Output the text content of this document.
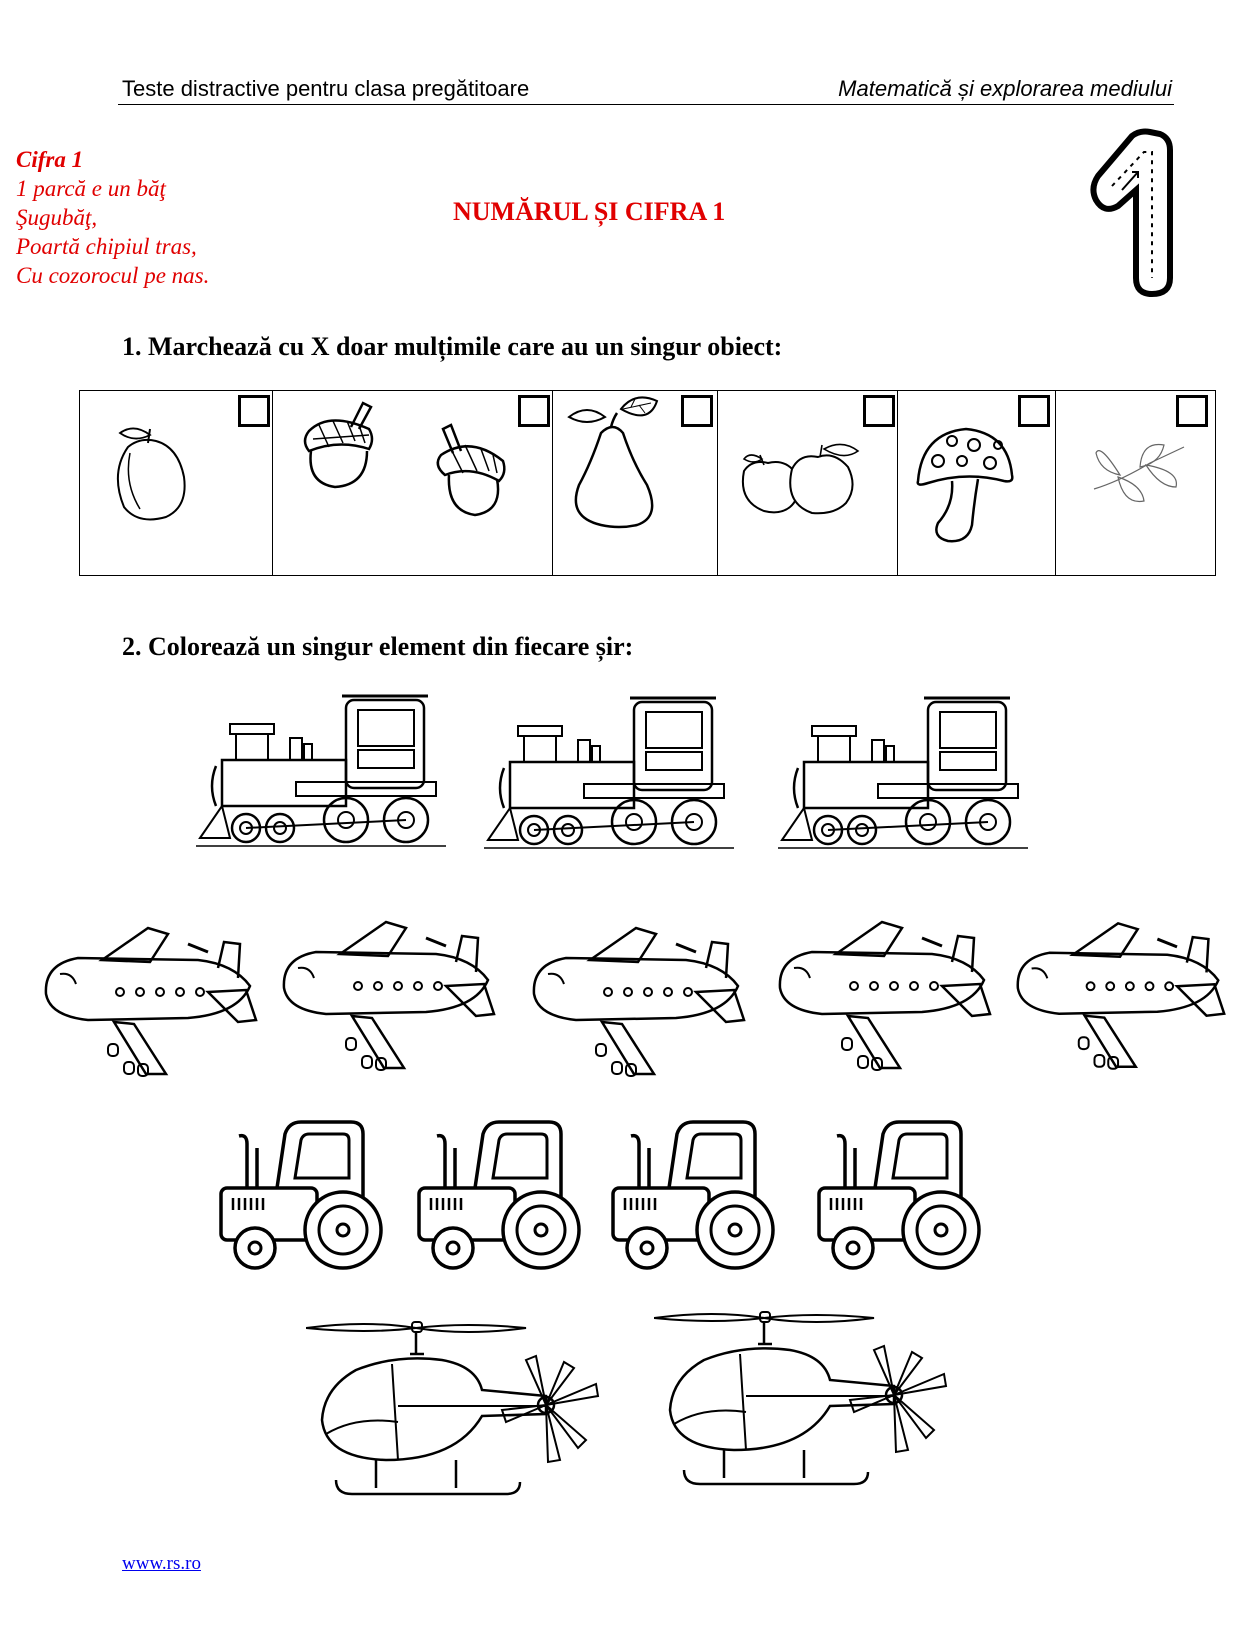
Teste distractive pentru clasa pregătitoare	Matematică și explorarea mediului
Cifra 1
1 parcă e un băţ
Şugubăţ,
Poartă chipiul tras,
Cu cozorocul pe nas.
NUMĂRUL ȘI CIFRA 1
1. Marchează cu X doar mulțimile care au un singur obiect:
2. Colorează un singur element din fiecare șir:
www.rs.ro
